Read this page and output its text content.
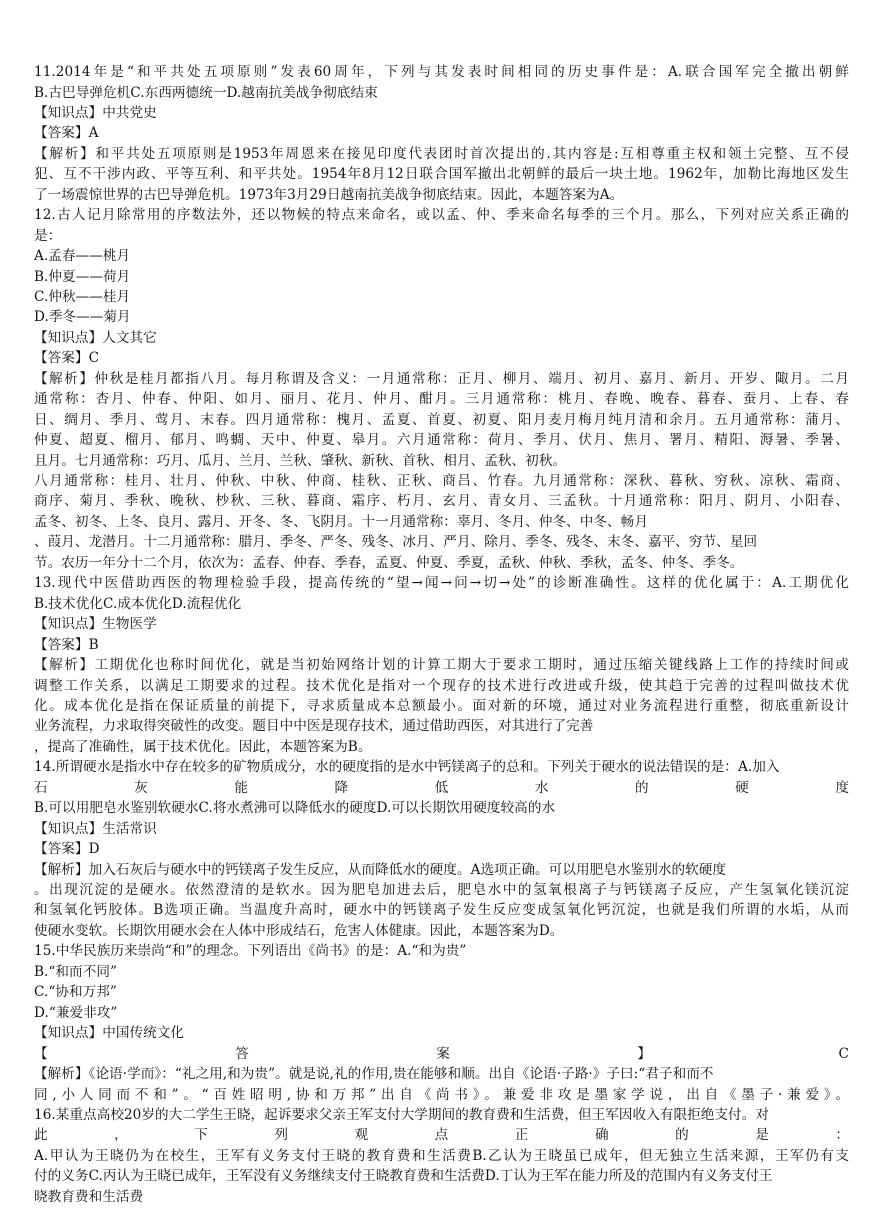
11.2014年是“和平共处五项原则”发表60周年，下列与其发表时间相同的历史事件是：A.联合国军完全撤出朝鲜
B.古巴导弹危机C.东西两德统一D.越南抗美战争彻底结束
【知识点】中共党史
【答案】A
【解析】和平共处五项原则是1953年周恩来在接见印度代表团时首次提出的.其内容是:互相尊重主权和领土完整、互不侵
犯、互不干涉内政、平等互利、和平共处。1954年8月12日联合国军撤出北朝鲜的最后一块土地。1962年，加勒比海地区发生
了一场震惊世界的古巴导弹危机。1973年3月29日越南抗美战争彻底结束。因此，本题答案为A。
12.古人记月除常用的序数法外，还以物候的特点来命名，或以孟、仲、季来命名每季的三个月。那么，下列对应关系正确的
是：
A.孟春——桃月
B.仲夏——荷月
C.仲秋——桂月
D.季冬——菊月
【知识点】人文其它
【答案】C
【解析】仲秋是桂月都指八月。每月称谓及含义：一月通常称：正月、柳月、端月、初月、嘉月、新月、开岁、陬月。二月
通常称：杏月、仲春、仲阳、如月、丽月、花月、仲月、酣月。三月通常称：桃月、春晚、晚春、暮春、蚕月、上春、春
日、绸月、季月、莺月、末春。四月通常称：槐月、孟夏、首夏、初夏、阳月麦月梅月纯月清和余月。五月通常称：蒲月、
仲夏、超夏、榴月、郁月、鸣蜩、天中、仲夏、皋月。六月通常称：荷月、季月、伏月、焦月、署月、精阳、溽暑、季暑、
且月。七月通常称：巧月、瓜月、兰月、兰秋、肇秋、新秋、首秋、相月、孟秋、初秋。
八月通常称：桂月、壮月、仲秋、中秋、仲商、桂秋、正秋、商吕、竹春。九月通常称：深秋、暮秋、穷秋、凉秋、霜商、
商序、菊月、季秋、晚秋、杪秋、三秋、暮商、霜序、朽月、玄月、青女月、三孟秋。十月通常称：阳月、阴月、小阳春、
孟冬、初冬、上冬、良月、露月、开冬、冬、飞阴月。十一月通常称：辜月、冬月、仲冬、中冬、畅月
、葭月、龙潜月。十二月通常称：腊月、季冬、严冬、残冬、冰月、严月、除月、季冬、残冬、末冬、嘉平、穷节、星回
节。农历一年分十二个月，依次为：孟春、仲春、季春，孟夏、仲夏、季夏，孟秋、仲秋、季秋，孟冬、仲冬、季冬。
13.现代中医借助西医的物理检验手段，提高传统的“望→闻→问→切→处”的诊断准确性。这样的优化属于：A.工期优化
B.技术优化C.成本优化D.流程优化
【知识点】生物医学
【答案】B
【解析】工期优化也称时间优化，就是当初始网络计划的计算工期大于要求工期时，通过压缩关键线路上工作的持续时间或
调整工作关系，以满足工期要求的过程。技术优化是指对一个现存的技术进行改进或升级，使其趋于完善的过程叫做技术优
化。成本优化是指在保证质量的前提下，寻求质量成本总额最小。面对新的环境，通过对业务流程进行重整，彻底重新设计
业务流程，力求取得突破性的改变。题目中中医是现存技术，通过借助西医，对其进行了完善
，提高了准确性，属于技术优化。因此，本题答案为B。
14.所谓硬水是指水中存在较多的矿物质成分，水的硬度指的是水中钙镁离子的总和。下列关于硬水的说法错误的是：A.加入
石灰能降低水的硬度
B.可以用肥皂水鉴别软硬水C.将水煮沸可以降低水的硬度D.可以长期饮用硬度较高的水
【知识点】生活常识
【答案】D
【解析】加入石灰后与硬水中的钙镁离子发生反应，从而降低水的硬度。A选项正确。可以用肥皂水鉴别水的软硬度
。出现沉淀的是硬水。依然澄清的是软水。因为肥皂加进去后，肥皂水中的氢氧根离子与钙镁离子反应，产生氢氧化镁沉淀
和氢氧化钙胶体。B选项正确。当温度升高时，硬水中的钙镁离子发生反应变成氢氧化钙沉淀，也就是我们所谓的水垢，从而
使硬水变软。长期饮用硬水会在人体中形成结石，危害人体健康。因此，本题答案为D。
15.中华民族历来崇尚“和”的理念。下列语出《尚书》的是：A.“和为贵”
B.“和而不同”
C.“协和万邦”
D.“兼爱非攻”
【知识点】中国传统文化
【答案】C
【解析】《论语·学而》：“礼之用,和为贵”。就是说,礼的作用,贵在能够和顺。出自《论语·子路·》子曰:“君子和而不
同,小人同而不和”。“百姓昭明,协和万邦”出自《尚书》。兼爱非攻是墨家学说，出自《墨子·兼爱》。
16.某重点高校20岁的大二学生王晓，起诉要求父亲王军支付大学期间的教育费和生活费，但王军因收入有限拒绝支付。对
此，下列观点正确的是：
A.甲认为王晓仍为在校生，王军有义务支付王晓的教育费和生活费B.乙认为王晓虽已成年，但无独立生活来源，王军仍有支
付的义务C.丙认为王晓已成年，王军没有义务继续支付王晓教育费和生活费D.丁认为王军在能力所及的范围内有义务支付王
晓教育费和生活费
